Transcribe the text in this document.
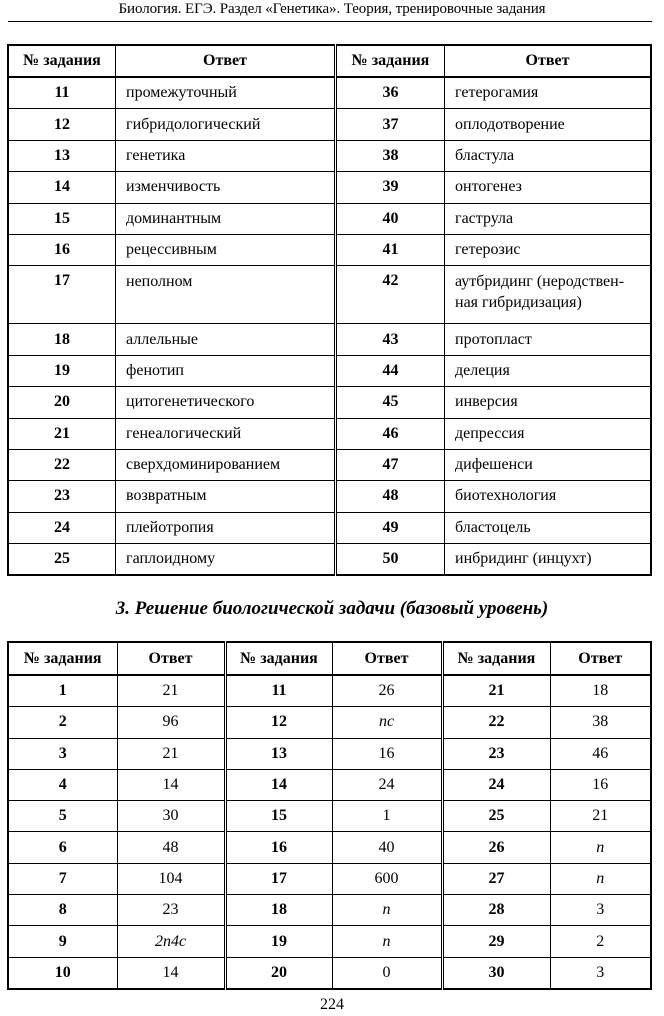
Биология. ЕГЭ. Раздел «Генетика». Теория, тренировочные задания
№ задания	Ответ	№ задания	Ответ
11	промежуточный	36	гетерогамия
12	гибридологический	37	оплодотворение
13	генетика	38	бластула
14	изменчивость	39	онтогенез
15	доминантным	40	гаструла
16	рецессивным	41	гетерозис
17	неполном	42	аутбридинг (неродствен-
ная гибридизация)

18	аллельные	43	протопласт
19	фенотип	44	делеция
20	цитогенетического	45	инверсия
21	генеалогический	46	депрессия
22	сверхдоминированием	47	дифешенси
23	возвратным	48	биотехнология
24	плейотропия	49	бластоцель
25	гаплоидному	50	инбридинг (инцухт)
3. Решение биологической задачи (базовый уровень)
№ задания	Ответ	№ задания	Ответ	№ задания	Ответ
1	21	11	26	21	18
2	96	12	пс	22	38
3	21	13	16	23	46
4	14	14	24	24	16
5	30	15	1	25	21
6	48	16	40	26	п
7	104	17	600	27	п
8	23	18	п	28	3
9	2п4с	19	п	29	2
10	14	20	0	30	3
224
